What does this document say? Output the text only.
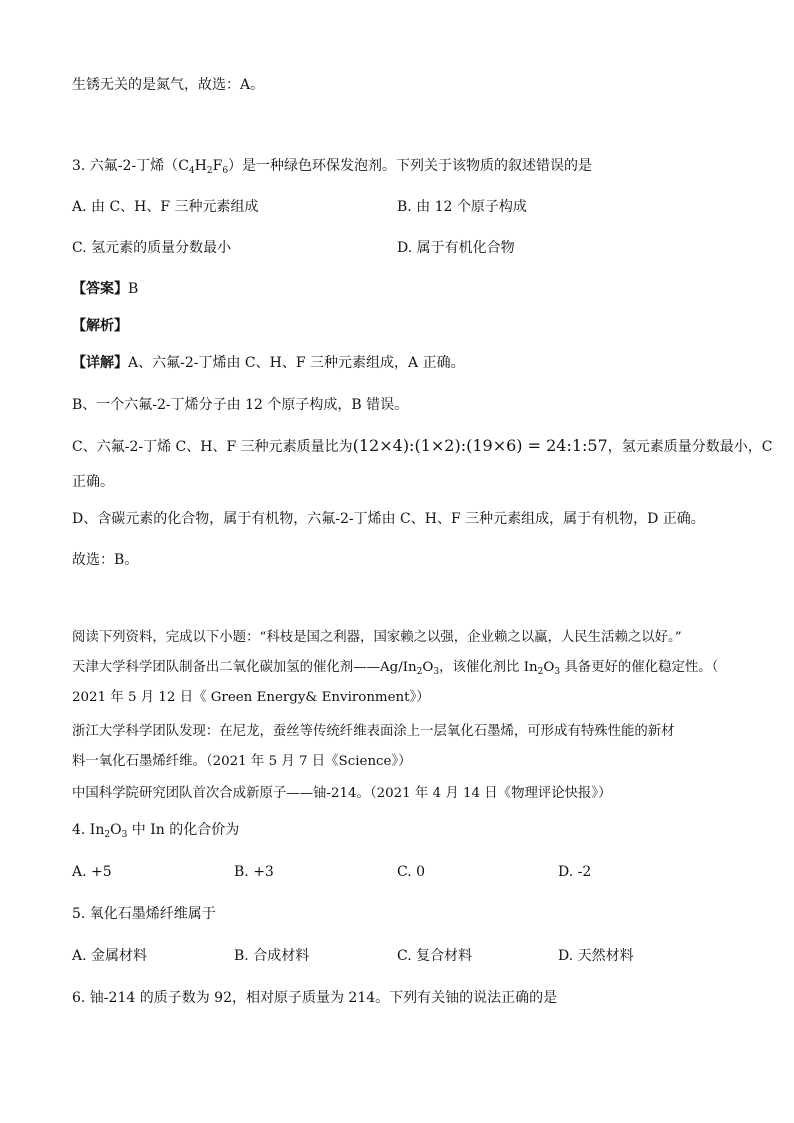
生锈无关的是氮气，故选：A。
3. 六氟-2-丁烯$(C_4H_2F_6)$是一种绿色环保发泡剂。下列关于该物质的叙述错误的是
A. 由 C、H、F 三种元素组成	B. 由 12 个原子构成
C. 氢元素的质量分数最小	D. 属于有机化合物
【答案】B
【解析】
【详解】A、六氟-2-丁烯由 C、H、F 三种元素组成，A 正确。
B、一个六氟-2-丁烯分子由 12 个原子构成，B 错误。
C、六氟-2-丁烯 C、H、F 三种元素质量比为(12×4):(1×2):(19×6) = 24:1:57，氢元素质量分数最小，C
正确。
D、含碳元素的化合物，属于有机物，六氟-2-丁烯由 C、H、F 三种元素组成，属于有机物，D 正确。
故选：B。
阅读下列资料，完成以下小题：“科枝是国之利器，国家赖之以强，企业赖之以赢，人民生活赖之以好。”
天津大学科学团队制备出二氧化碳加氢的催化剂$——Ag/In_2O_3$，该催化剂比 $In_2O_3$ 具备更好的催化稳定性。（
2021 年 5 月 12 日《 Green Energy& Environment》）
浙江大学科学团队发现：在尼龙，蚕丝等传统纤维表面涂上一层氧化石墨烯，可形成有特殊性能的新材
料一氧化石墨烯纤维。（2021 年 5 月 7 日《Science》）
中国科学院研究团队首次合成新原子——铀-214。（2021 年 4 月 14 日《物理评论快报》）
4. $In_2O_3$ 中 In 的化合价为
A. +5	B. +3	C. 0	D. -2
5. 氧化石墨烯纤维属于
A. 金属材料	B. 合成材料	C. 复合材料	D. 天然材料
6. 铀-214 的质子数为 92，相对原子质量为 214。下列有关铀的说法正确的是
